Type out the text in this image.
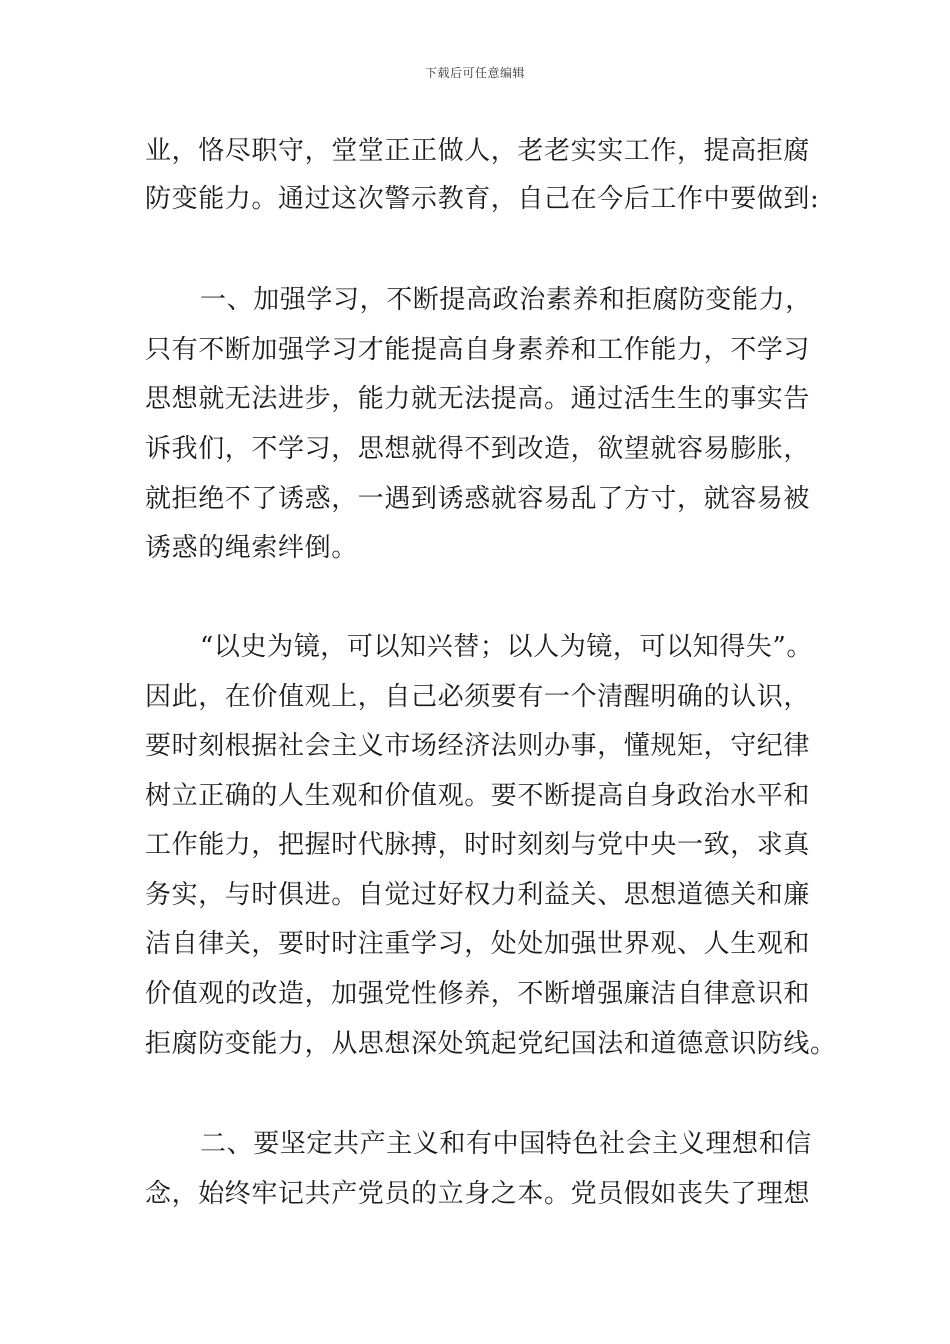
下载后可任意编辑
业，恪尽职守，堂堂正正做人，老老实实工作，提高拒腐
防变能力。通过这次警示教育，自己在今后工作中要做到:
一、加强学习，不断提高政治素养和拒腐防变能力，
只有不断加强学习才能提高自身素养和工作能力，不学习
思想就无法进步，能力就无法提高。通过活生生的事实告
诉我们，不学习，思想就得不到改造，欲望就容易膨胀，
就拒绝不了诱惑，一遇到诱惑就容易乱了方寸，就容易被
诱惑的绳索绊倒。
“以史为镜，可以知兴替；以人为镜，可以知得失”。
因此，在价值观上，自己必须要有一个清醒明确的认识，
要时刻根据社会主义市场经济法则办事，懂规矩，守纪律
树立正确的人生观和价值观。要不断提高自身政治水平和
工作能力，把握时代脉搏，时时刻刻与党中央一致，求真
务实，与时俱进。自觉过好权力利益关、思想道德关和廉
洁自律关，要时时注重学习，处处加强世界观、人生观和
价值观的改造，加强党性修养，不断增强廉洁自律意识和
拒腐防变能力，从思想深处筑起党纪国法和道德意识防线。
二、要坚定共产主义和有中国特色社会主义理想和信
念，始终牢记共产党员的立身之本。党员假如丧失了理想
